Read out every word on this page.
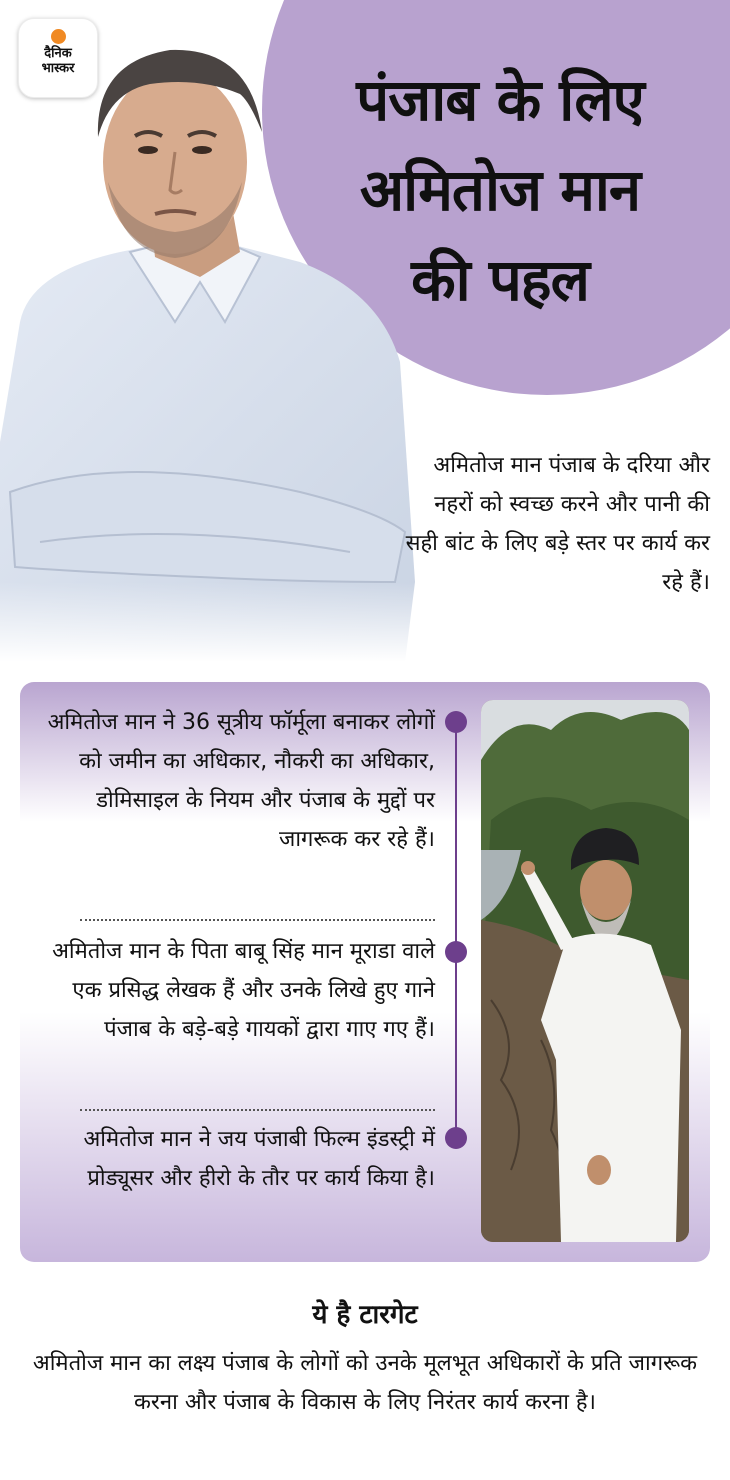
दैनिक
भास्कर	पंजाब के लिए
अमितोज मान
की पहल
अमितोज मान पंजाब के दरिया और नहरों को स्वच्छ करने और पानी की सही बांट के लिए बड़े स्तर पर कार्य कर रहे हैं।
अमितोज मान ने 36 सूत्रीय फॉर्मूला बनाकर लोगों को जमीन का अधिकार, नौकरी का अधिकार, डोमिसाइल के नियम और पंजाब के मुद्दों पर जागरूक कर रहे हैं।
अमितोज मान के पिता बाबू सिंह मान मूराडा वाले एक प्रसिद्ध लेखक हैं और उनके लिखे हुए गाने पंजाब के बड़े-बड़े गायकों द्वारा गाए गए हैं।
अमितोज मान ने जय पंजाबी फिल्म इंडस्ट्री में प्रोड्यूसर और हीरो के तौर पर कार्य किया है।
ये है टारगेट
अमितोज मान का लक्ष्य पंजाब के लोगों को उनके मूलभूत अधिकारों के प्रति जागरूक करना और पंजाब के विकास के लिए निरंतर कार्य करना है।
